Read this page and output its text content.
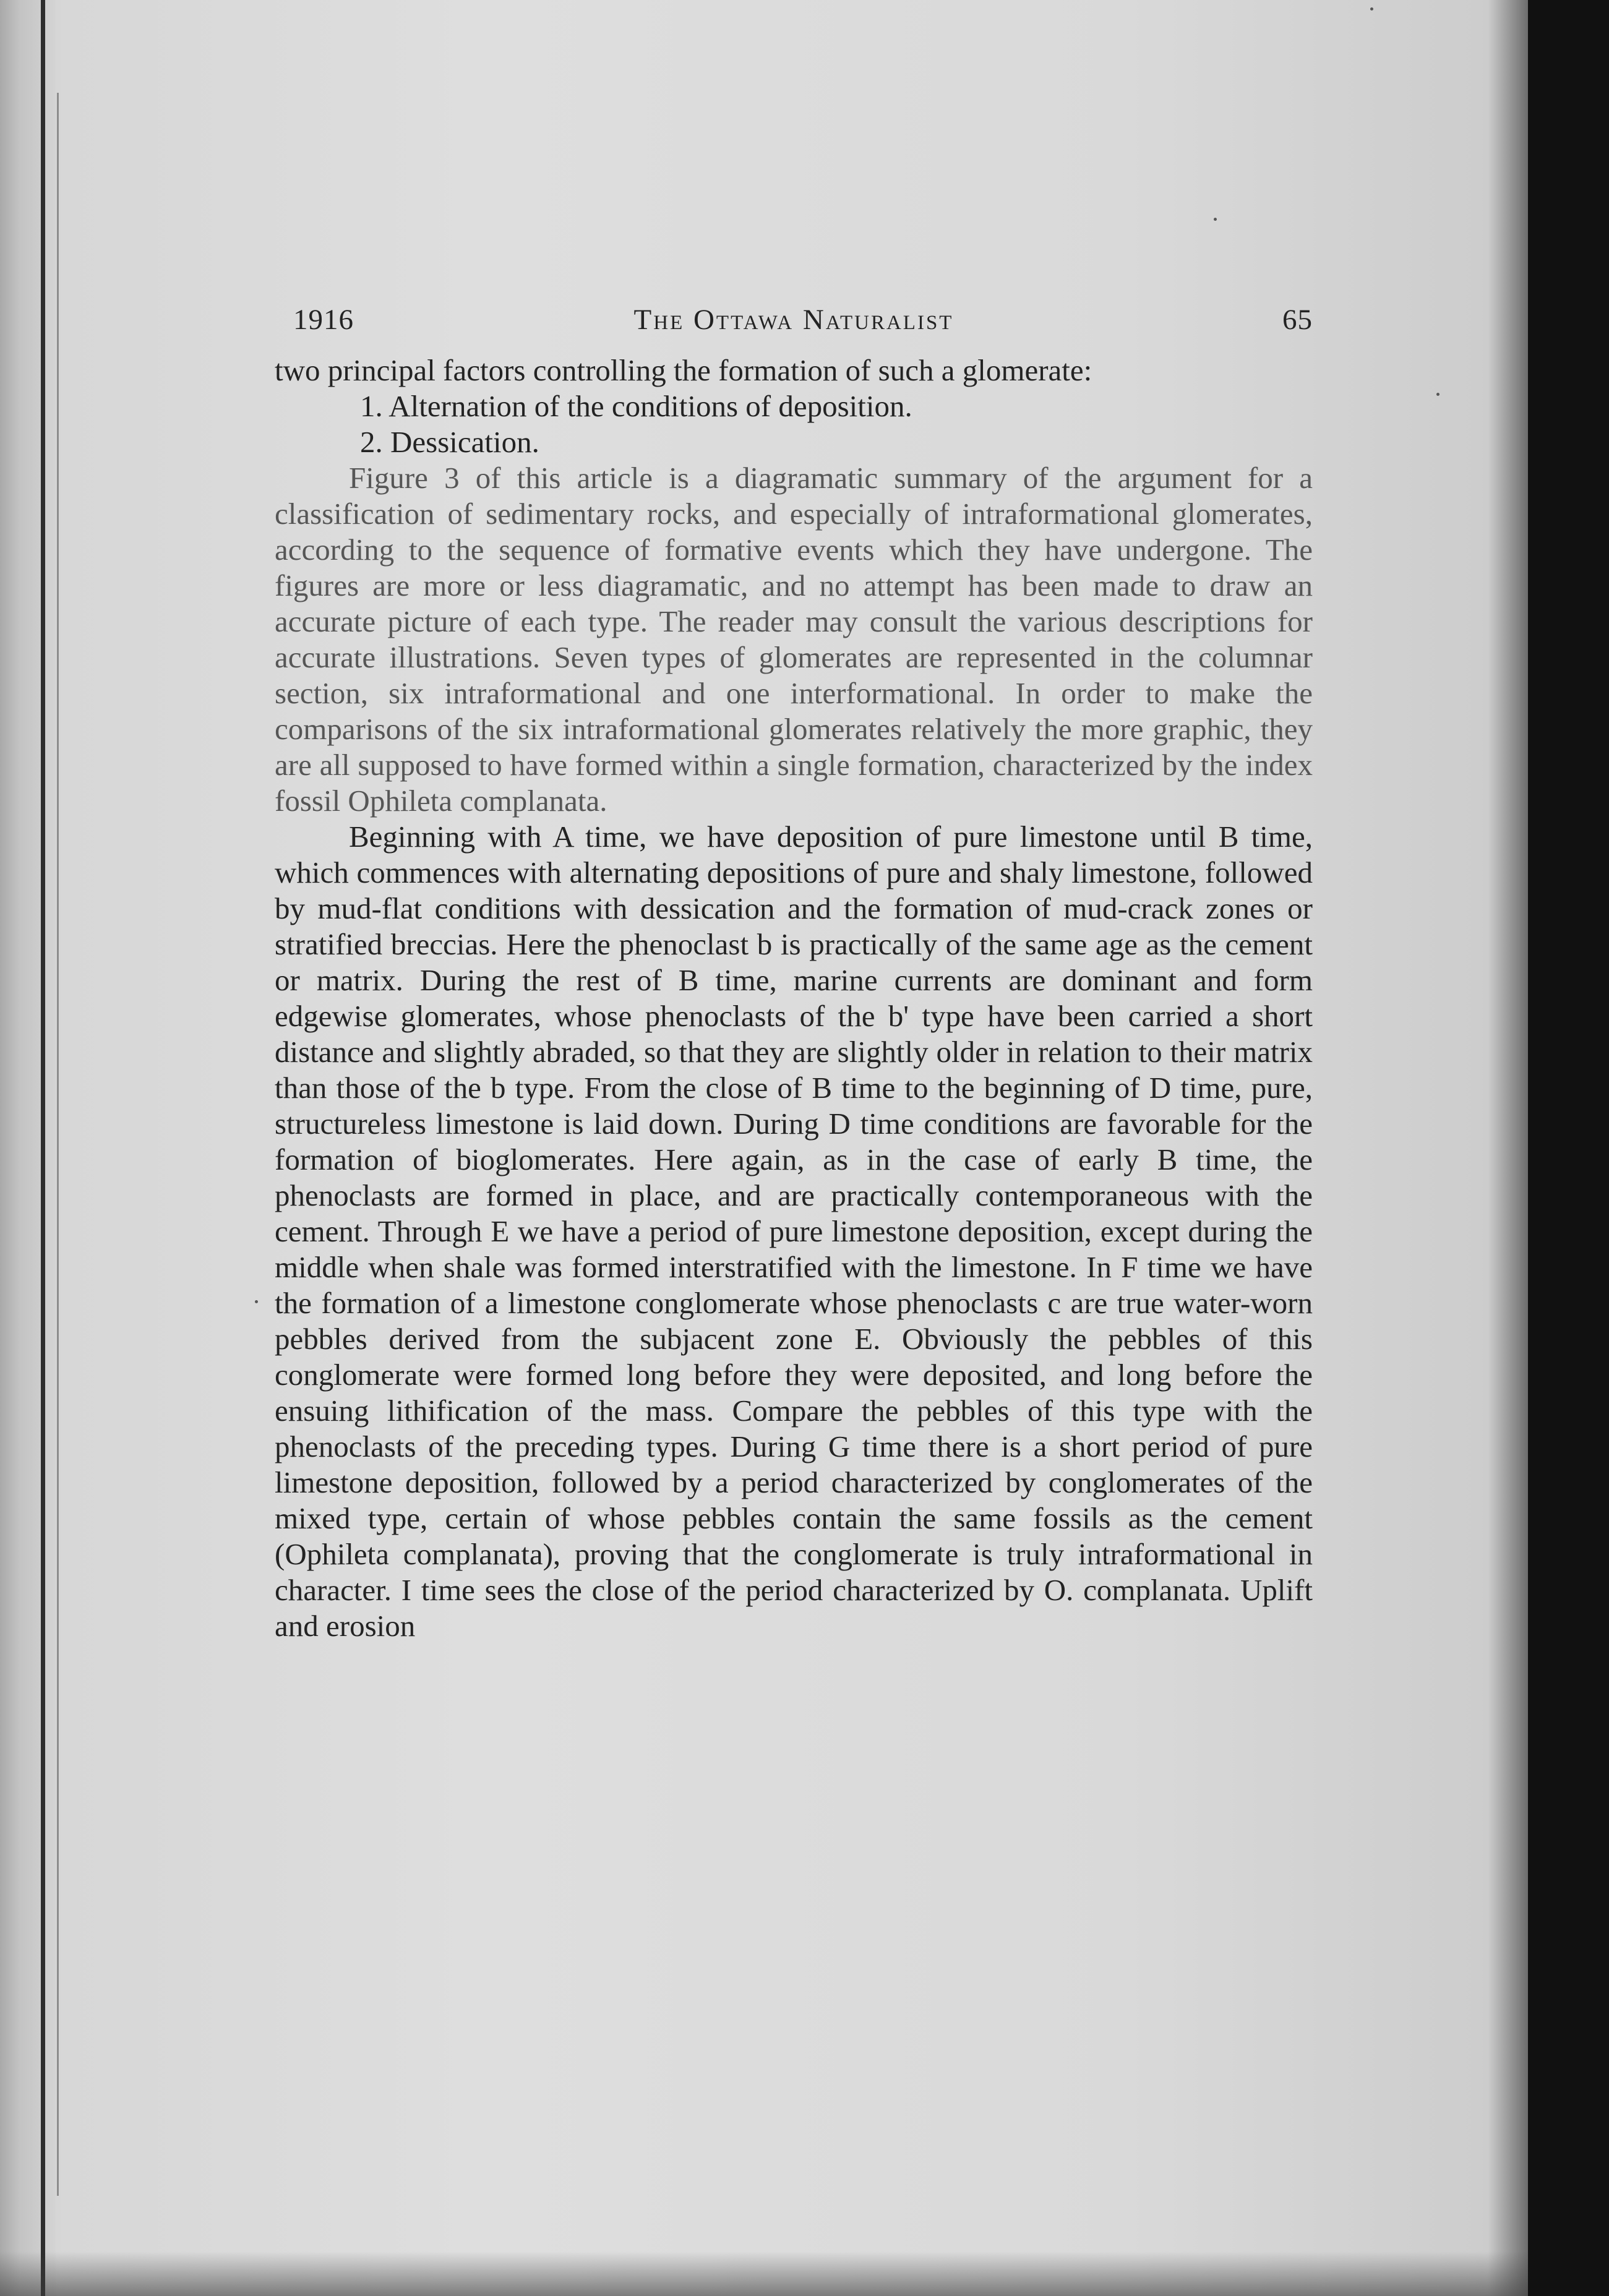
1916	The Ottawa Naturalist	65

two principal factors controlling the formation of such a glomerate:

1. Alternation of the conditions of deposition.

2. Dessication.

Figure 3 of this article is a diagramatic summary of the argument for a classification of sedimentary rocks, and especially of intraformational glomerates, according to the sequence of formative events which they have undergone. The figures are more or less diagramatic, and no attempt has been made to draw an accurate picture of each type. The reader may consult the various descriptions for accurate illustrations. Seven types of glomerates are represented in the columnar section, six intraformational and one interformational. In order to make the comparisons of the six intraformational glomerates relatively the more graphic, they are all supposed to have formed within a single formation, characterized by the index fossil Ophileta complanata.

Beginning with A time, we have deposition of pure limestone until B time, which commences with alternating depositions of pure and shaly limestone, followed by mud-flat conditions with dessication and the formation of mud-crack zones or stratified breccias. Here the phenoclast b is practically of the same age as the cement or matrix. During the rest of B time, marine currents are dominant and form edgewise glomerates, whose phenoclasts of the b' type have been carried a short distance and slightly abraded, so that they are slightly older in relation to their matrix than those of the b type. From the close of B time to the beginning of D time, pure, structureless limestone is laid down. During D time conditions are favorable for the formation of bioglomerates. Here again, as in the case of early B time, the phenoclasts are formed in place, and are practically contemporaneous with the cement. Through E we have a period of pure limestone deposition, except during the middle when shale was formed interstratified with the limestone. In F time we have the formation of a limestone conglomerate whose phenoclasts c are true water-worn pebbles derived from the subjacent zone E. Obviously the pebbles of this conglomerate were formed long before they were deposited, and long before the ensuing lithification of the mass. Compare the pebbles of this type with the phenoclasts of the preceding types. During G time there is a short period of pure limestone deposition, followed by a period characterized by conglomerates of the mixed type, certain of whose pebbles contain the same fossils as the cement (Ophileta complanata), proving that the conglomerate is truly intraformational in character. I time sees the close of the period characterized by O. complanata. Uplift and erosion
